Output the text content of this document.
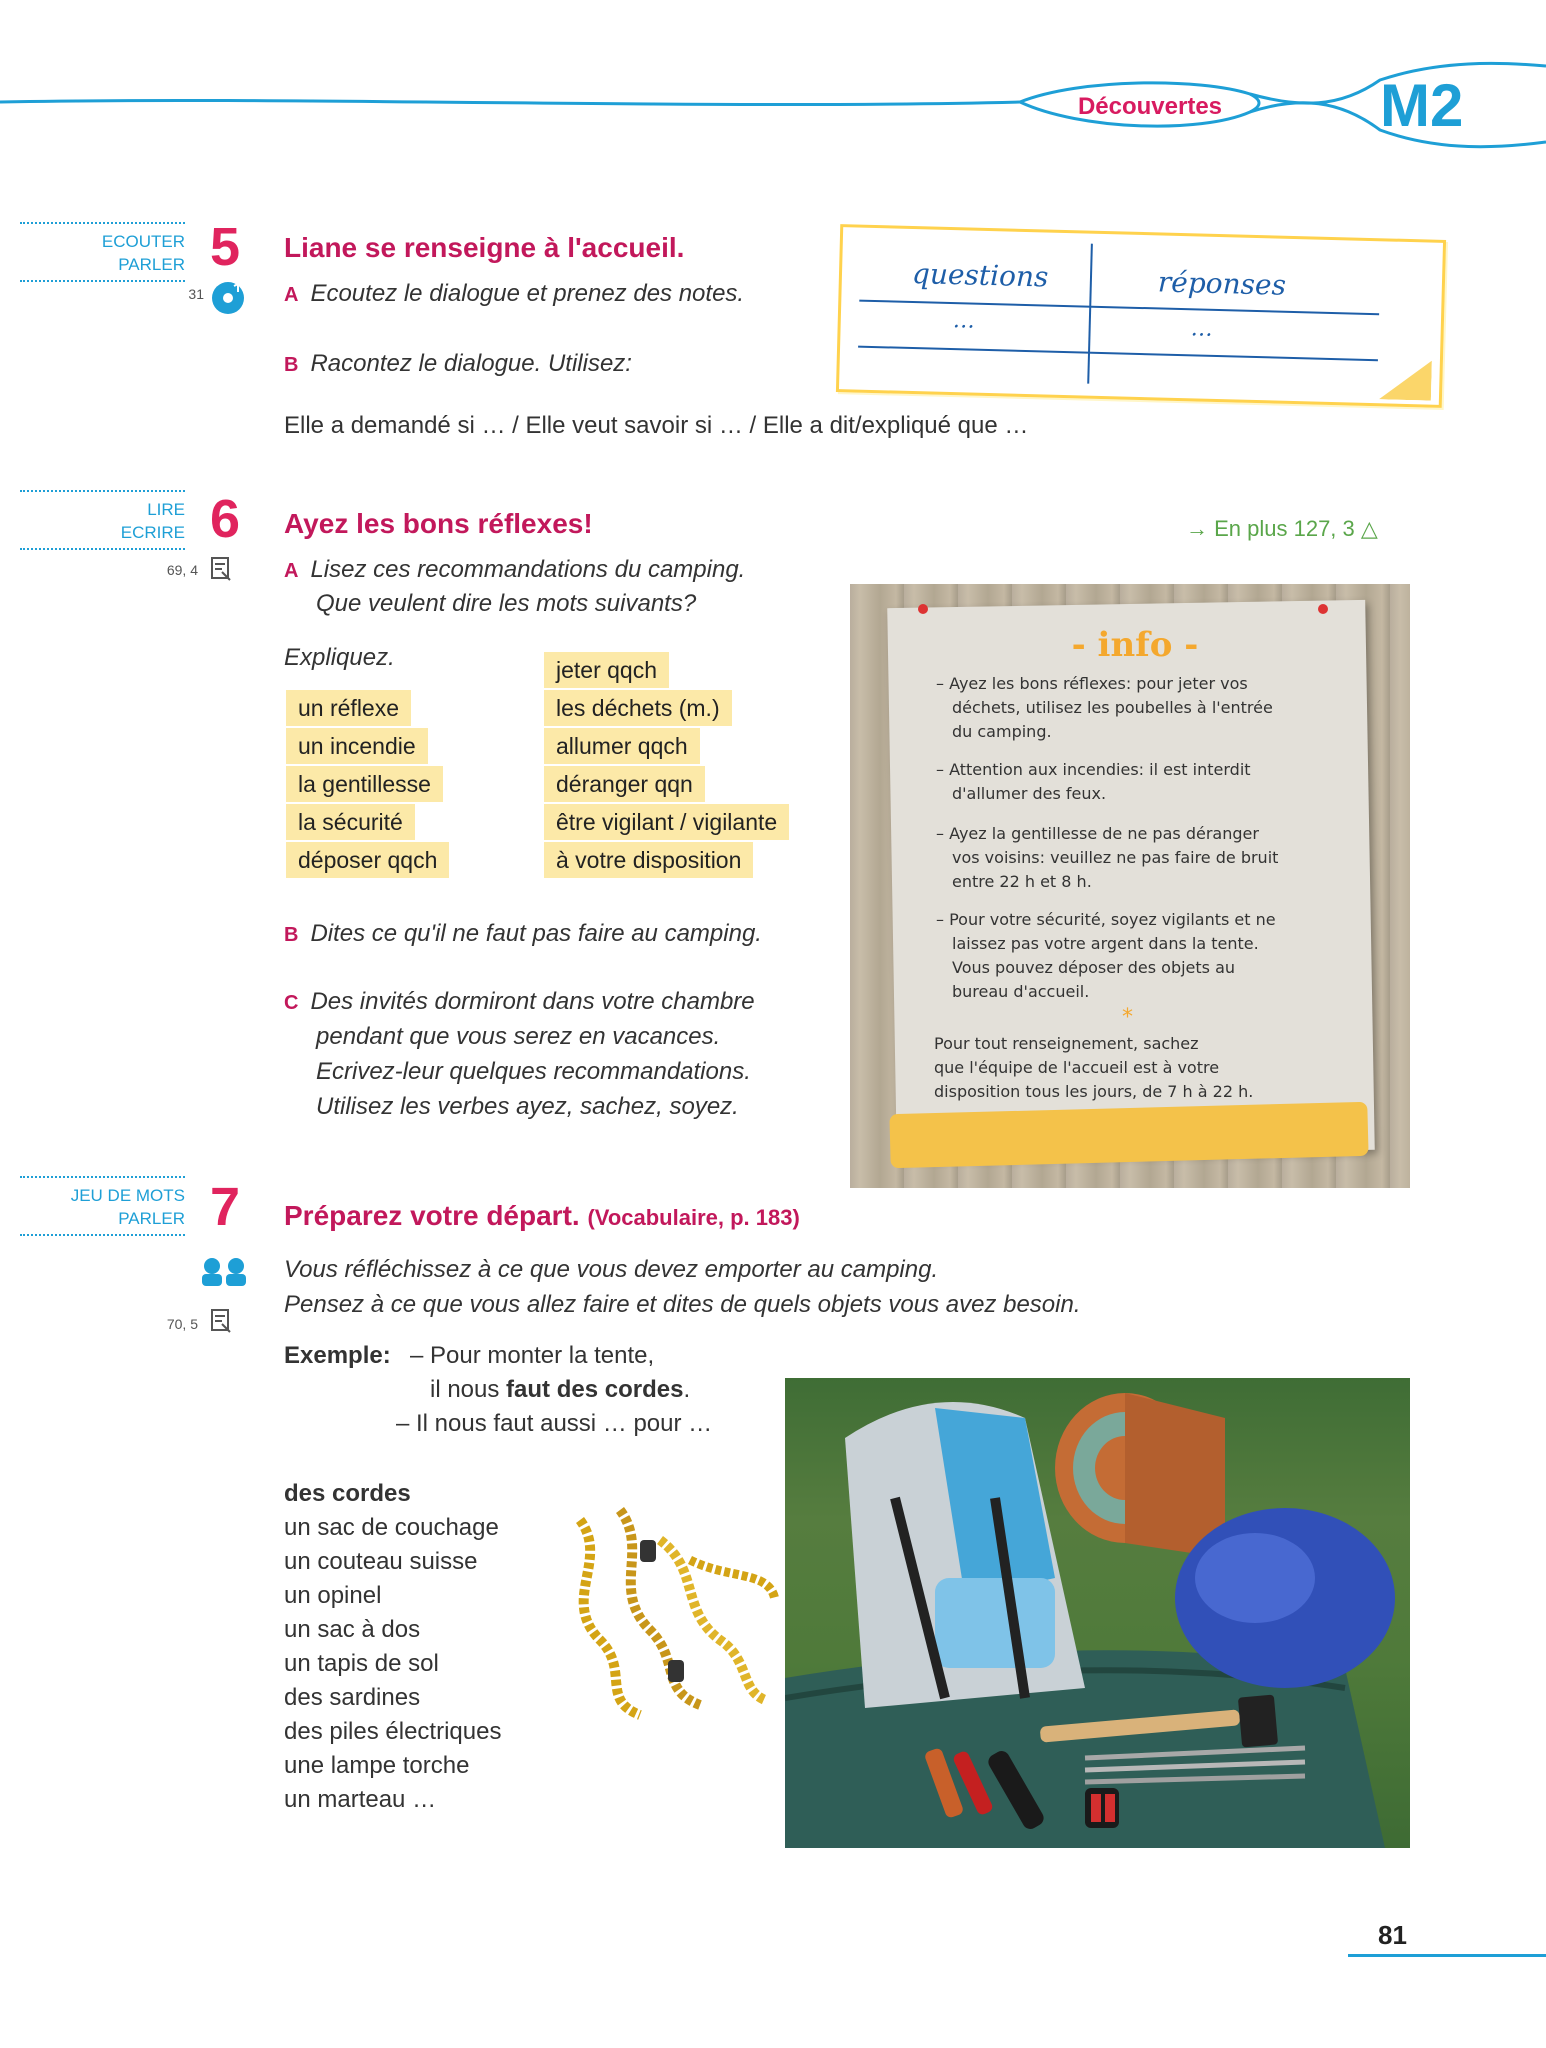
Découvertes	M2
ECOUTER
PARLER 5
31
Liane se renseigne à l'accueil.
A Ecoutez le dialogue et prenez des notes.
B Racontez le dialogue. Utilisez:
Elle a demandé si … / Elle veut savoir si … / Elle a dit/expliqué que …
questions	réponses
…	…
LIRE
ECRIRE 6
69, 4
Ayez les bons réflexes!	→ En plus 127, 3 △
A Lisez ces recommandations du camping.
Que veulent dire les mots suivants?
Expliquez.
un réflexe
un incendie
la gentillesse
la sécurité
déposer qqch
jeter qqch
les déchets (m.)
allumer qqch
déranger qqn
être vigilant / vigilante
à votre disposition
B Dites ce qu'il ne faut pas faire au camping.
C Des invités dormiront dans votre chambre
pendant que vous serez en vacances.
Ecrivez-leur quelques recommandations.
Utilisez les verbes ayez, sachez, soyez.
- info -
– Ayez les bons réflexes: pour jeter vos
déchets, utilisez les poubelles à l'entrée
du camping.
– Attention aux incendies: il est interdit
d'allumer des feux.
– Ayez la gentillesse de ne pas déranger
vos voisins: veuillez ne pas faire de bruit
entre 22 h et 8 h.
– Pour votre sécurité, soyez vigilants et ne
laissez pas votre argent dans la tente.
Vous pouvez déposer des objets au
bureau d'accueil.
*
Pour tout renseignement, sachez
que l'équipe de l'accueil est à votre
disposition tous les jours, de 7 h à 22 h.
JEU DE MOTS
PARLER 7
70, 5
Préparez votre départ. (Vocabulaire, p. 183)
Vous réfléchissez à ce que vous devez emporter au camping.
Pensez à ce que vous allez faire et dites de quels objets vous avez besoin.
Exemple: – Pour monter la tente,
il nous faut des cordes.
– Il nous faut aussi … pour …
des cordes
un sac de couchage
un couteau suisse
un opinel
un sac à dos
un tapis de sol
des sardines
des piles électriques
une lampe torche
un marteau …
81
